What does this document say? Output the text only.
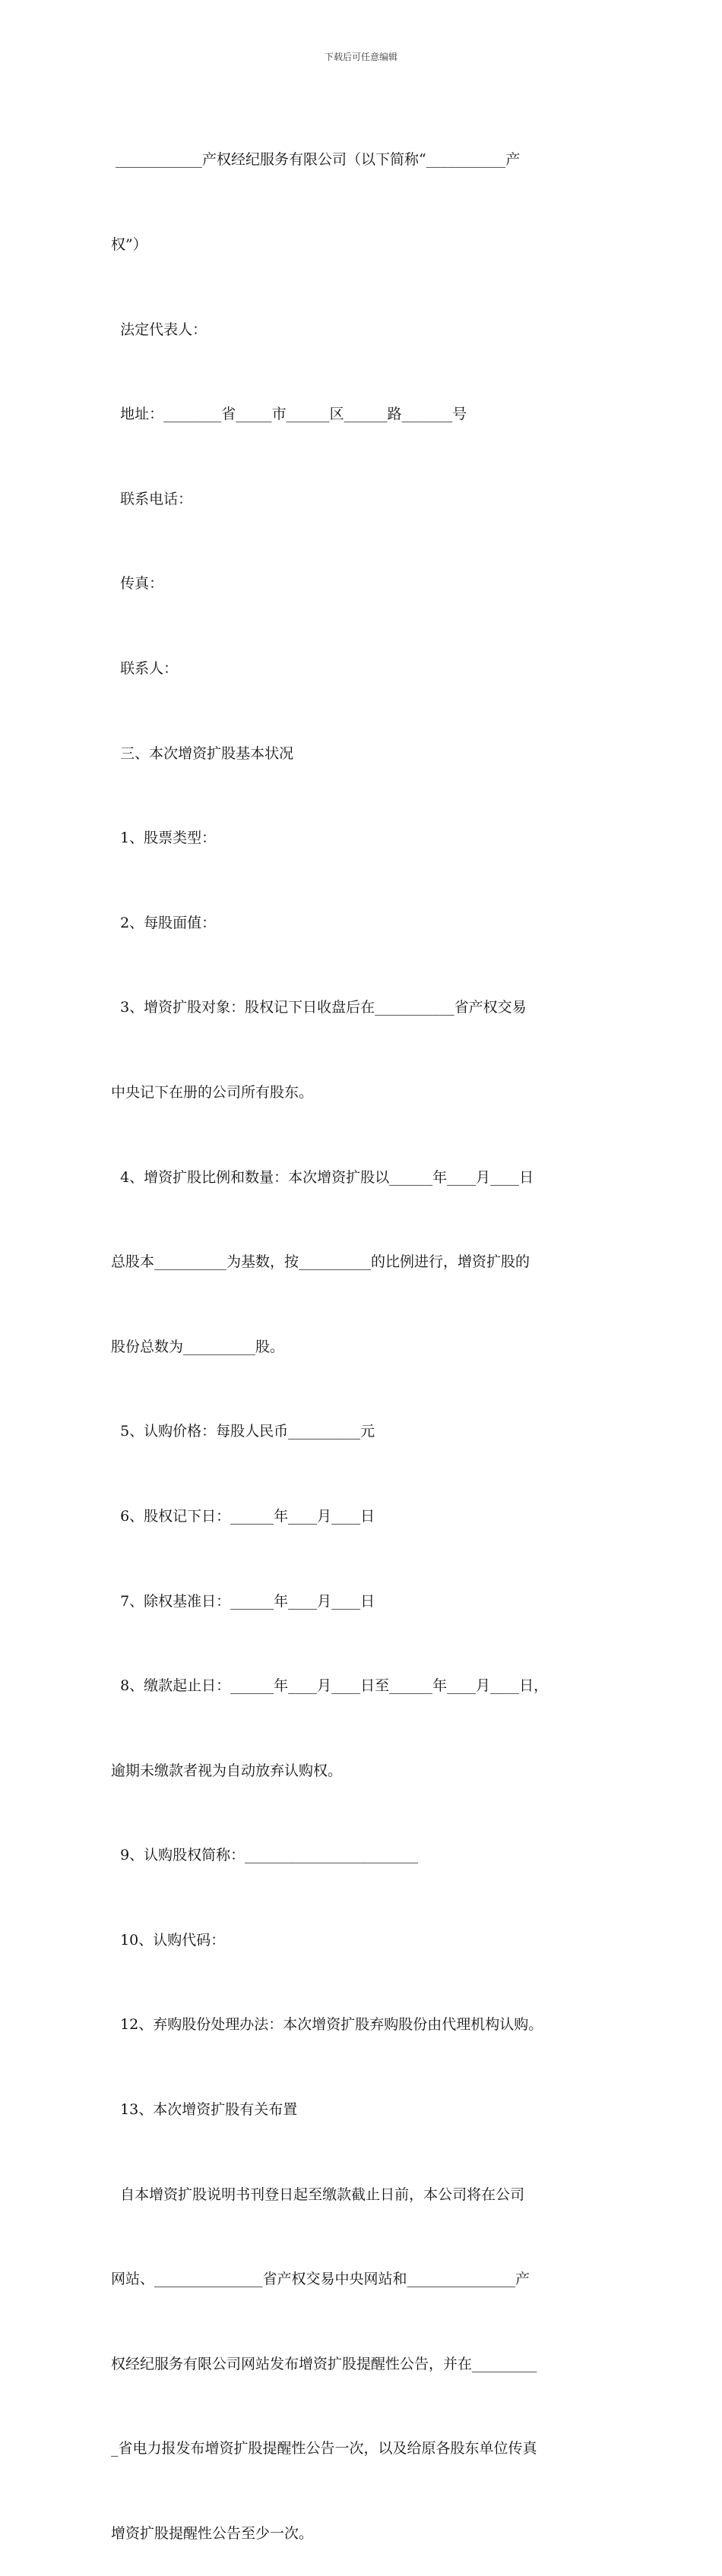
下载后可任意编辑

____________产权经纪服务有限公司（以下简称“___________产

权”）

法定代表人：

地址：________省_____市______区______路_______号

联系电话：

传真：

联系人：

三、本次增资扩股基本状况

1、股票类型：

2、每股面值：

3、增资扩股对象：股权记下日收盘后在___________省产权交易

中央记下在册的公司所有股东。

4、增资扩股比例和数量：本次增资扩股以______年____月____日

总股本__________为基数，按__________的比例进行，增资扩股的

股份总数为__________股。

5、认购价格：每股人民币__________元

6、股权记下日：______年____月____日

7、除权基准日：______年____月____日

8、缴款起止日：______年____月____日至______年____月____日，

逾期未缴款者视为自动放弃认购权。

9、认购股权简称：________________________

10、认购代码：

12、弃购股份处理办法：本次增资扩股弃购股份由代理机构认购。

13、本次增资扩股有关布置

自本增资扩股说明书刊登日起至缴款截止日前，本公司将在公司

网站、_______________省产权交易中央网站和_______________产

权经纪服务有限公司网站发布增资扩股提醒性公告，并在_________

_省电力报发布增资扩股提醒性公告一次，以及给原各股东单位传真

增资扩股提醒性公告至少一次。
